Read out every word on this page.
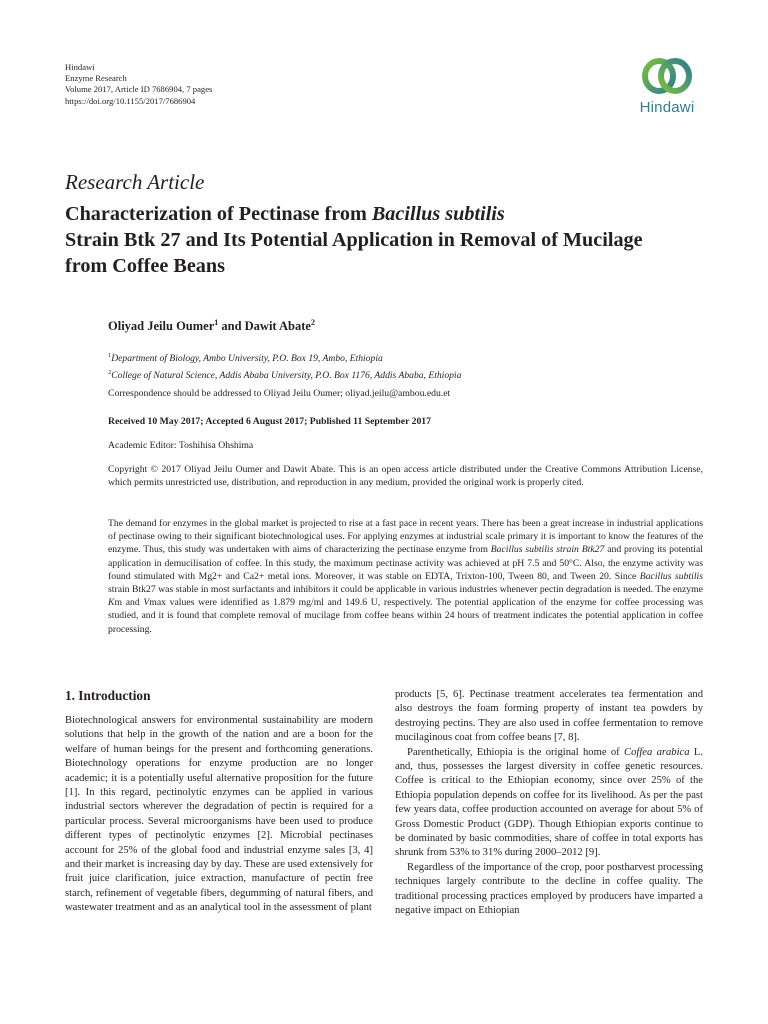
Hindawi
Enzyme Research
Volume 2017, Article ID 7686904, 7 pages
https://doi.org/10.1155/2017/7686904	Hindawi
Research Article
Characterization of Pectinase from Bacillus subtilis
Strain Btk 27 and Its Potential Application in Removal of Mucilage from Coffee Beans
Oliyad Jeilu Oumer$^1$ and Dawit Abate$^2$
$^1$Department of Biology, Ambo University, P.O. Box 19, Ambo, Ethiopia
$^2$College of Natural Science, Addis Ababa University, P.O. Box 1176, Addis Ababa, Ethiopia
Correspondence should be addressed to Oliyad Jeilu Oumer; oliyad.jeilu@ambou.edu.et
Received 10 May 2017; Accepted 6 August 2017; Published 11 September 2017
Academic Editor: Toshihisa Ohshima
Copyright © 2017 Oliyad Jeilu Oumer and Dawit Abate. This is an open access article distributed under the Creative Commons Attribution License, which permits unrestricted use, distribution, and reproduction in any medium, provided the original work is properly cited.
The demand for enzymes in the global market is projected to rise at a fast pace in recent years. There has been a great increase in industrial applications of pectinase owing to their significant biotechnological uses. For applying enzymes at industrial scale primary it is important to know the features of the enzyme. Thus, this study was undertaken with aims of characterizing the pectinase enzyme from Bacillus subtilis strain Btk27 and proving its potential application in demucilisation of coffee. In this study, the maximum pectinase activity was achieved at pH 7.5 and 50°C. Also, the enzyme activity was found stimulated with Mg2+ and Ca2+ metal ions. Moreover, it was stable on EDTA, Trixton-100, Tween 80, and Tween 20. Since Bacillus subtilis strain Btk27 was stable in most surfactants and inhibitors it could be applicable in various industries whenever pectin degradation is needed. The enzyme Km and Vmax values were identified as 1.879 mg/ml and 149.6 U, respectively. The potential application of the enzyme for coffee processing was studied, and it is found that complete removal of mucilage from coffee beans within 24 hours of treatment indicates the potential application in coffee processing.
1. Introduction

Biotechnological answers for environmental sustainability are modern solutions that help in the growth of the nation and are a boon for the welfare of human beings for the present and forthcoming generations. Biotechnology operations for enzyme production are no longer academic; it is a potentially useful alternative proposition for the future [1]. In this regard, pectinolytic enzymes can be applied in various industrial sectors wherever the degradation of pectin is required for a particular process. Several microorganisms have been used to produce different types of pectinolytic enzymes [2]. Microbial pectinases account for 25% of the global food and industrial enzyme sales [3, 4] and their market is increasing day by day. These are used extensively for fruit juice clarification, juice extraction, manufacture of pectin free starch, refinement of vegetable fibers, degumming of natural fibers, and wastewater treatment and as an analytical tool in the assessment of plant

products [5, 6]. Pectinase treatment accelerates tea fermentation and also destroys the foam forming property of instant tea powders by destroying pectins. They are also used in coffee fermentation to remove mucilaginous coat from coffee beans [7, 8].

Parenthetically, Ethiopia is the original home of Coffea arabica L. and, thus, possesses the largest diversity in coffee genetic resources. Coffee is critical to the Ethiopian economy, since over 25% of the Ethiopia population depends on coffee for its livelihood. As per the past few years data, coffee production accounted on average for about 5% of Gross Domestic Product (GDP). Though Ethiopian exports continue to be dominated by basic commodities, share of coffee in total exports has shrunk from 53% to 31% during 2000–2012 [9].

Regardless of the importance of the crop, poor postharvest processing techniques largely contribute to the decline in coffee quality. The traditional processing practices employed by producers have imparted a negative impact on Ethiopian
